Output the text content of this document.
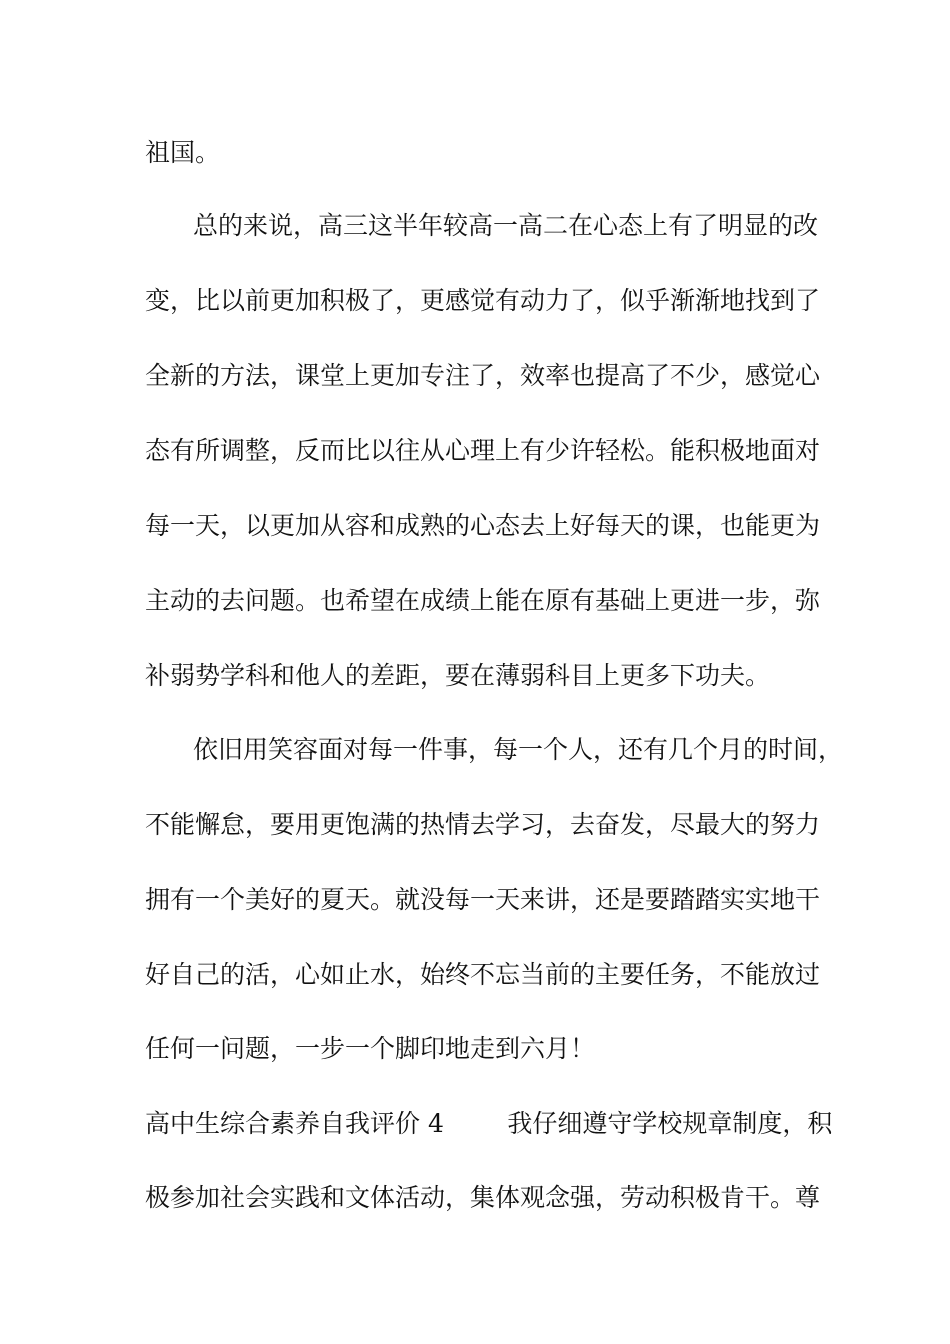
祖国。
总的来说，高三这半年较高一高二在心态上有了明显的改
变，比以前更加积极了，更感觉有动力了，似乎渐渐地找到了
全新的方法，课堂上更加专注了，效率也提高了不少，感觉心
态有所调整，反而比以往从心理上有少许轻松。能积极地面对
每一天，以更加从容和成熟的心态去上好每天的课，也能更为
主动的去问题。也希望在成绩上能在原有基础上更进一步，弥
补弱势学科和他人的差距，要在薄弱科目上更多下功夫。
依旧用笑容面对每一件事，每一个人，还有几个月的时间，
不能懈怠，要用更饱满的热情去学习，去奋发，尽最大的努力
拥有一个美好的夏天。就没每一天来讲，还是要踏踏实实地干
好自己的活，心如止水，始终不忘当前的主要任务，不能放过
任何一问题，一步一个脚印地走到六月！
高中生综合素养自我评价 4        我仔细遵守学校规章制度，积
极参加社会实践和文体活动，集体观念强，劳动积极肯干。尊
